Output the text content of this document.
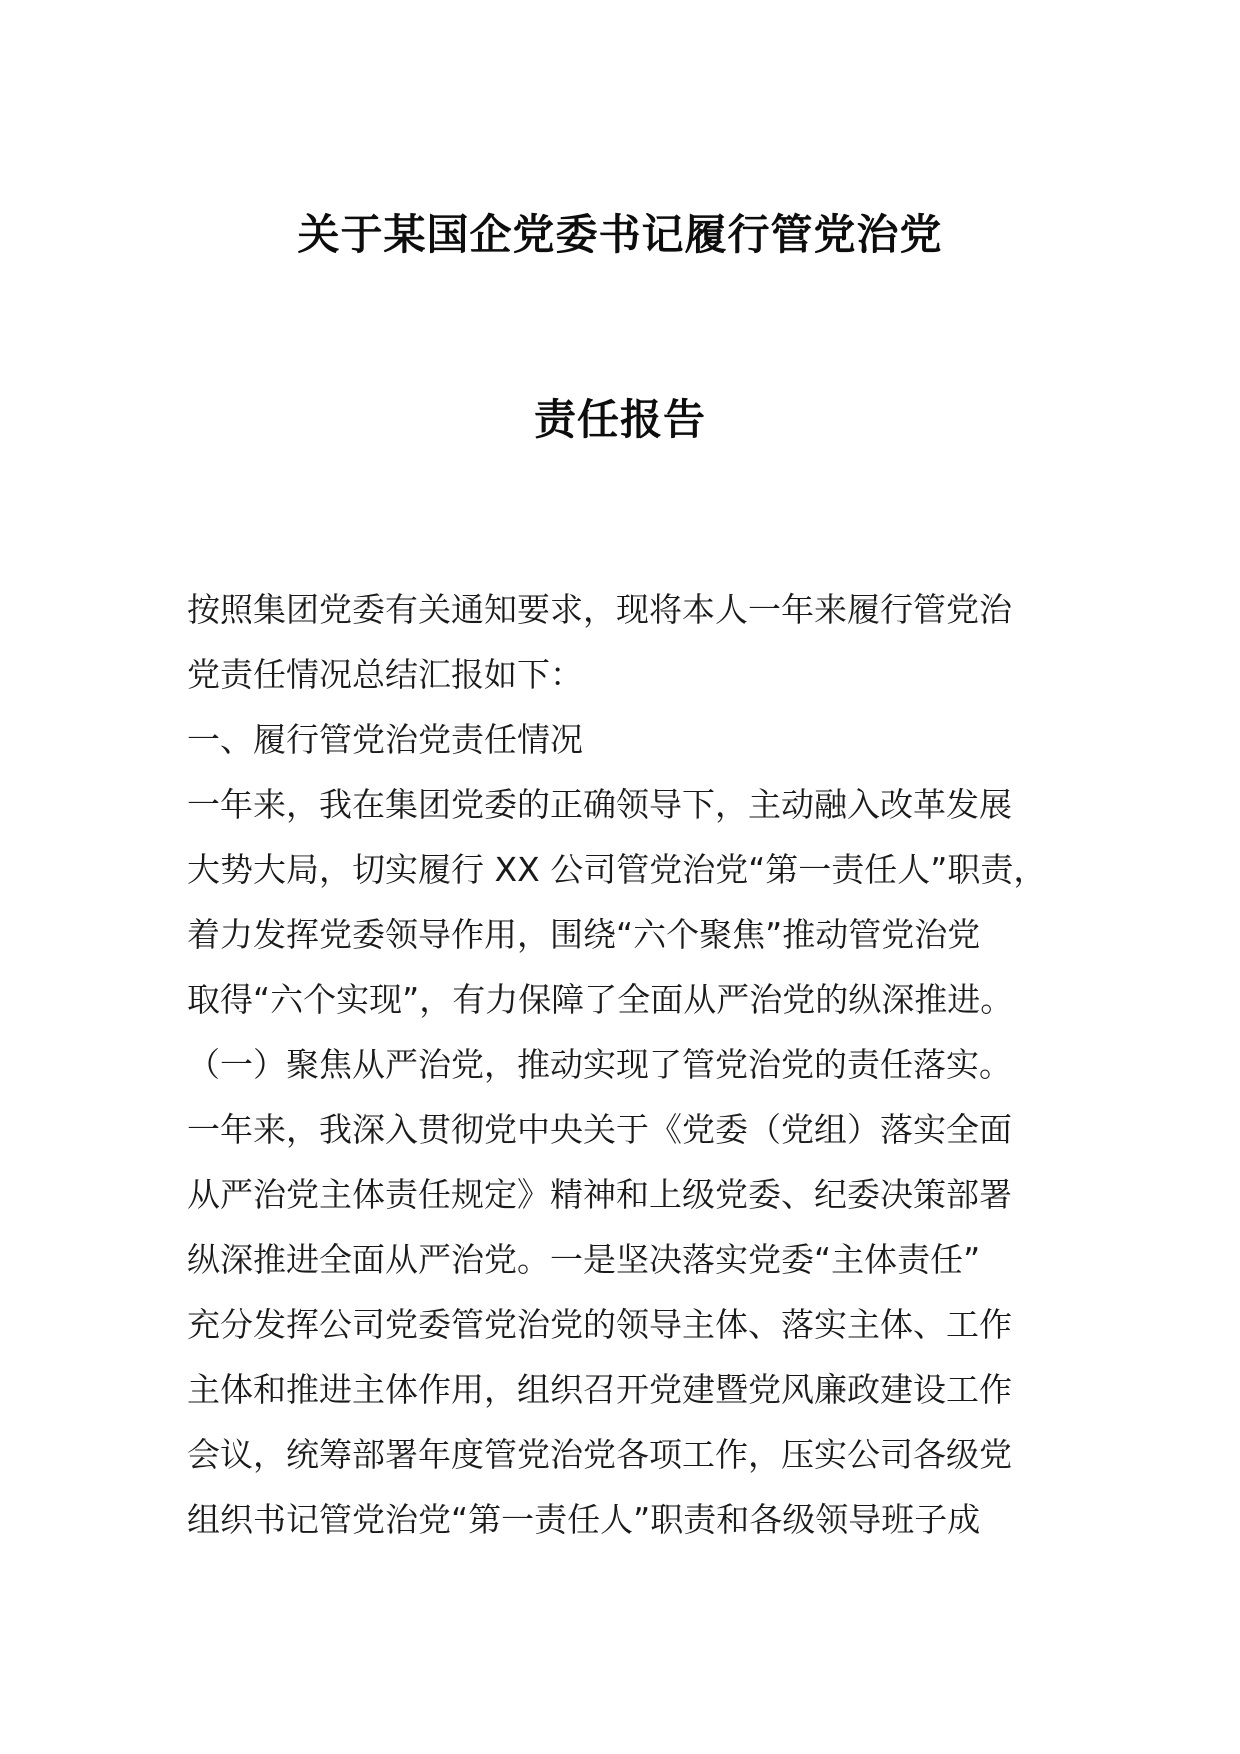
关于某国企党委书记履行管党治党
责任报告
按照集团党委有关通知要求，现将本人一年来履行管党治
党责任情况总结汇报如下：
一、履行管党治党责任情况
一年来，我在集团党委的正确领导下，主动融入改革发展
大势大局，切实履行 XX 公司管党治党“第一责任人”职责，
着力发挥党委领导作用，围绕“六个聚焦”推动管党治党
取得“六个实现”，有力保障了全面从严治党的纵深推进。
（一）聚焦从严治党，推动实现了管党治党的责任落实。
一年来，我深入贯彻党中央关于《党委（党组）落实全面
从严治党主体责任规定》精神和上级党委、纪委决策部署
纵深推进全面从严治党。一是坚决落实党委“主体责任”
充分发挥公司党委管党治党的领导主体、落实主体、工作
主体和推进主体作用，组织召开党建暨党风廉政建设工作
会议，统筹部署年度管党治党各项工作，压实公司各级党
组织书记管党治党“第一责任人”职责和各级领导班子成
